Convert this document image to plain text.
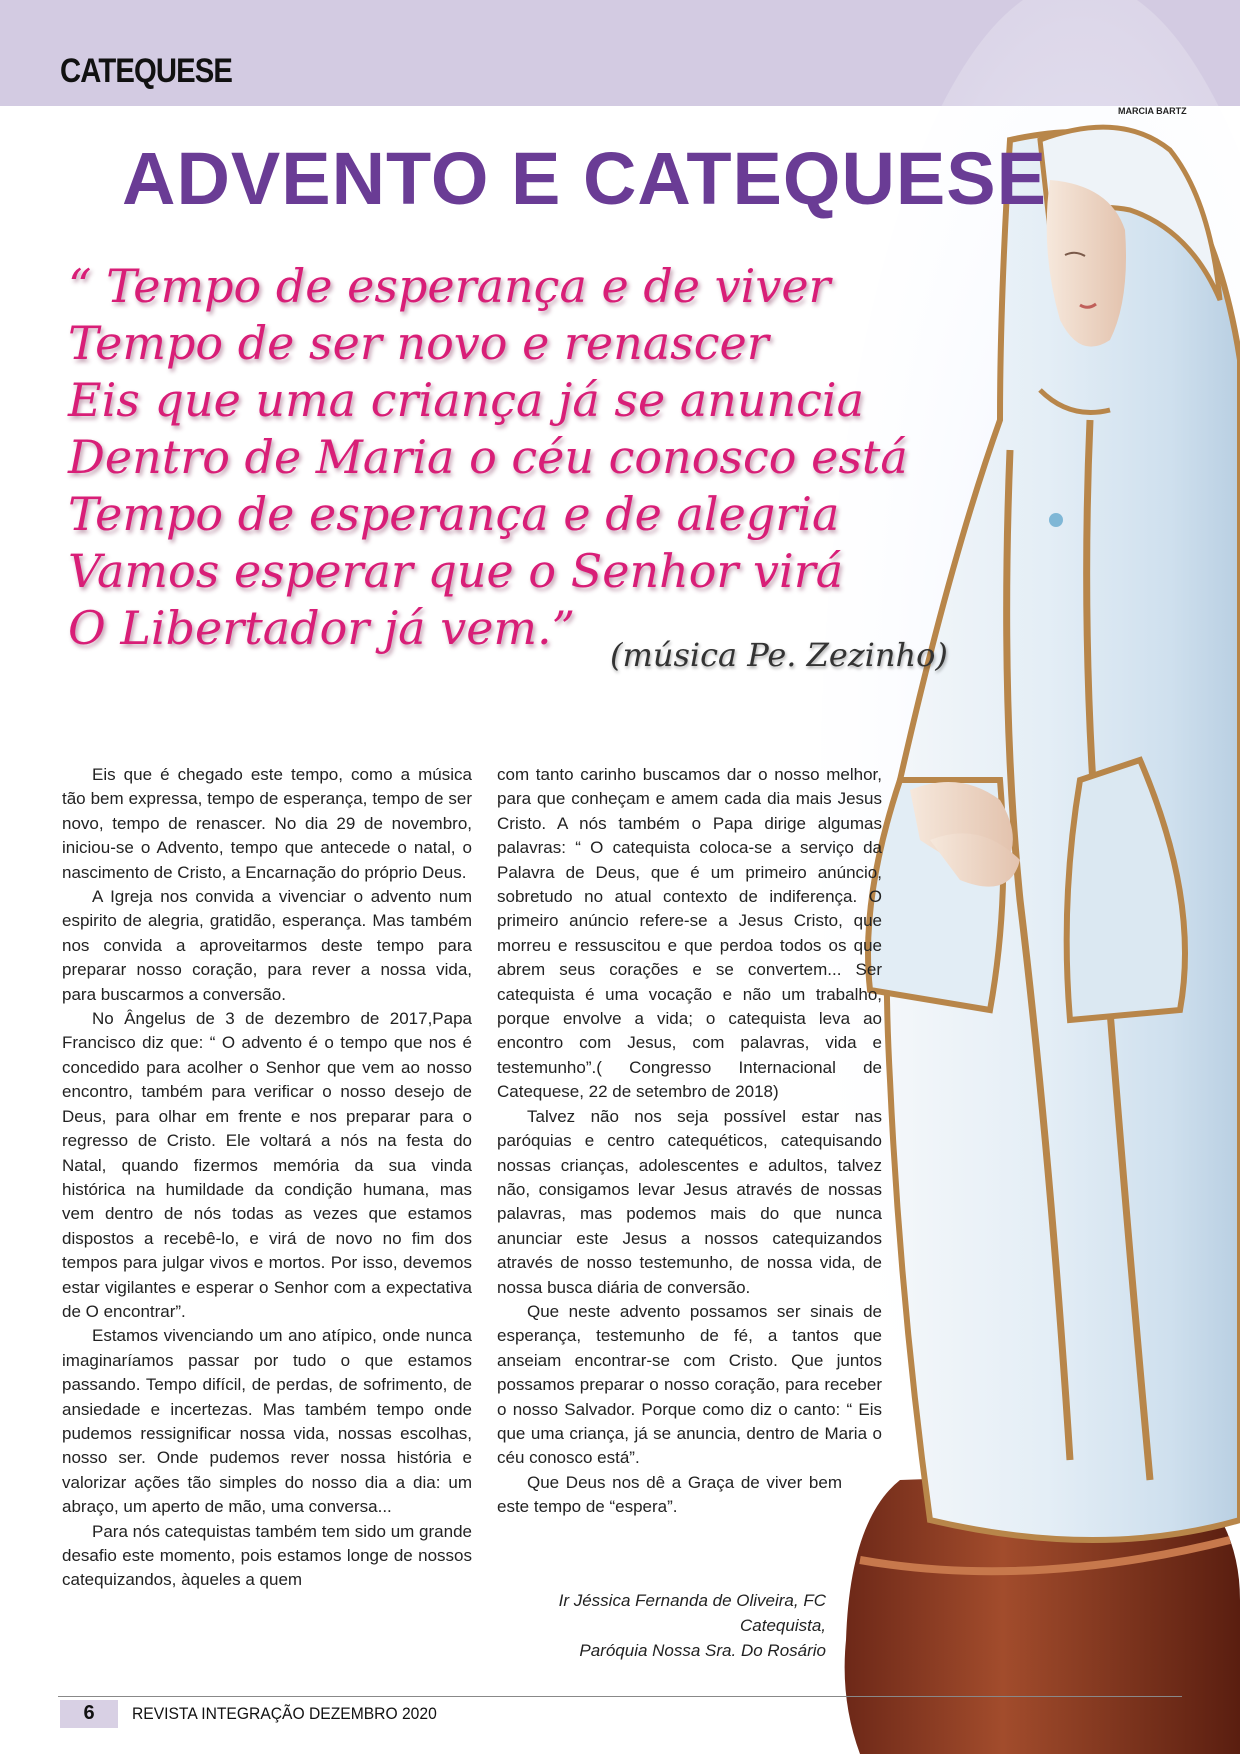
CATEQUESE
MARCIA BARTZ
ADVENTO E CATEQUESE
“ Tempo de esperança e de viver
Tempo de ser novo e renascer
Eis que uma criança já se anuncia
Dentro de Maria o céu conosco está
Tempo de esperança e de alegria
Vamos esperar que o Senhor virá
O Libertador já vem.”	(música Pe. Zezinho)

Eis que é chegado este tempo, como a música tão bem expressa, tempo de esperança, tempo de ser novo, tempo de renascer. No dia 29 de novembro, iniciou-se o Advento, tempo que antecede o natal, o nascimento de Cristo, a Encarnação do próprio Deus.

A Igreja nos convida a vivenciar o advento num espirito de alegria, gratidão, esperança. Mas também nos convida a aproveitarmos deste tempo para preparar nosso coração, para rever a nossa vida, para buscarmos a conversão.

No Ângelus de 3 de dezembro de 2017,Papa Francisco diz que: “ O advento é o tempo que nos é concedido para acolher o Senhor que vem ao nosso encontro, também para verificar o nosso desejo de Deus, para olhar em frente e nos preparar para o regresso de Cristo. Ele voltará a nós na festa do Natal, quando fizermos memória da sua vinda histórica na humildade da condição humana, mas vem dentro de nós todas as vezes que estamos dispostos a recebê-lo, e virá de novo no fim dos tempos para julgar vivos e mortos. Por isso, devemos estar vigilantes e esperar o Senhor com a expectativa de O encontrar”.

Estamos vivenciando um ano atípico, onde nunca imaginaríamos passar por tudo o que estamos passando. Tempo difícil, de perdas, de sofrimento, de ansiedade e incertezas. Mas também tempo onde pudemos ressignificar nossa vida, nossas escolhas, nosso ser. Onde pudemos rever nossa história e valorizar ações tão simples do nosso dia a dia: um abraço, um aperto de mão, uma conversa...

Para nós catequistas também tem sido um grande desafio este momento, pois estamos longe de nossos catequizandos, àqueles a quem

com tanto carinho buscamos dar o nosso melhor, para que conheçam e amem cada dia mais Jesus Cristo. A nós também o Papa dirige algumas palavras: “ O catequista coloca-se a serviço da Palavra de Deus, que é um primeiro anúncio, sobretudo no atual contexto de indiferença. O primeiro anúncio refere-se a Jesus Cristo, que morreu e ressuscitou e que perdoa todos os que abrem seus corações e se convertem... Ser catequista é uma vocação e não um trabalho, porque envolve a vida; o catequista leva ao encontro com Jesus, com palavras, vida e testemunho”.( Congresso Internacional de Catequese, 22 de setembro de 2018)

Talvez não nos seja possível estar nas paróquias e centro catequéticos, catequisando nossas crianças, adolescentes e adultos, talvez não, consigamos levar Jesus através de nossas palavras, mas podemos mais do que nunca anunciar este Jesus a nossos catequizandos através de nosso testemunho, de nossa vida, de nossa busca diária de conversão.

Que neste advento possamos ser sinais de esperança, testemunho de fé, a tantos que anseiam encontrar-se com Cristo. Que juntos possamos preparar o nosso coração, para receber o nosso Salvador. Porque como diz o canto: “ Eis que uma criança, já se anuncia, dentro de Maria o céu conosco está”.

Que Deus nos dê a Graça de viver bem este tempo de “espera”.

Ir Jéssica Fernanda de Oliveira, FC
Catequista,
Paróquia Nossa Sra. Do Rosário
6	REVISTA INTEGRAÇÃO DEZEMBRO 2020
